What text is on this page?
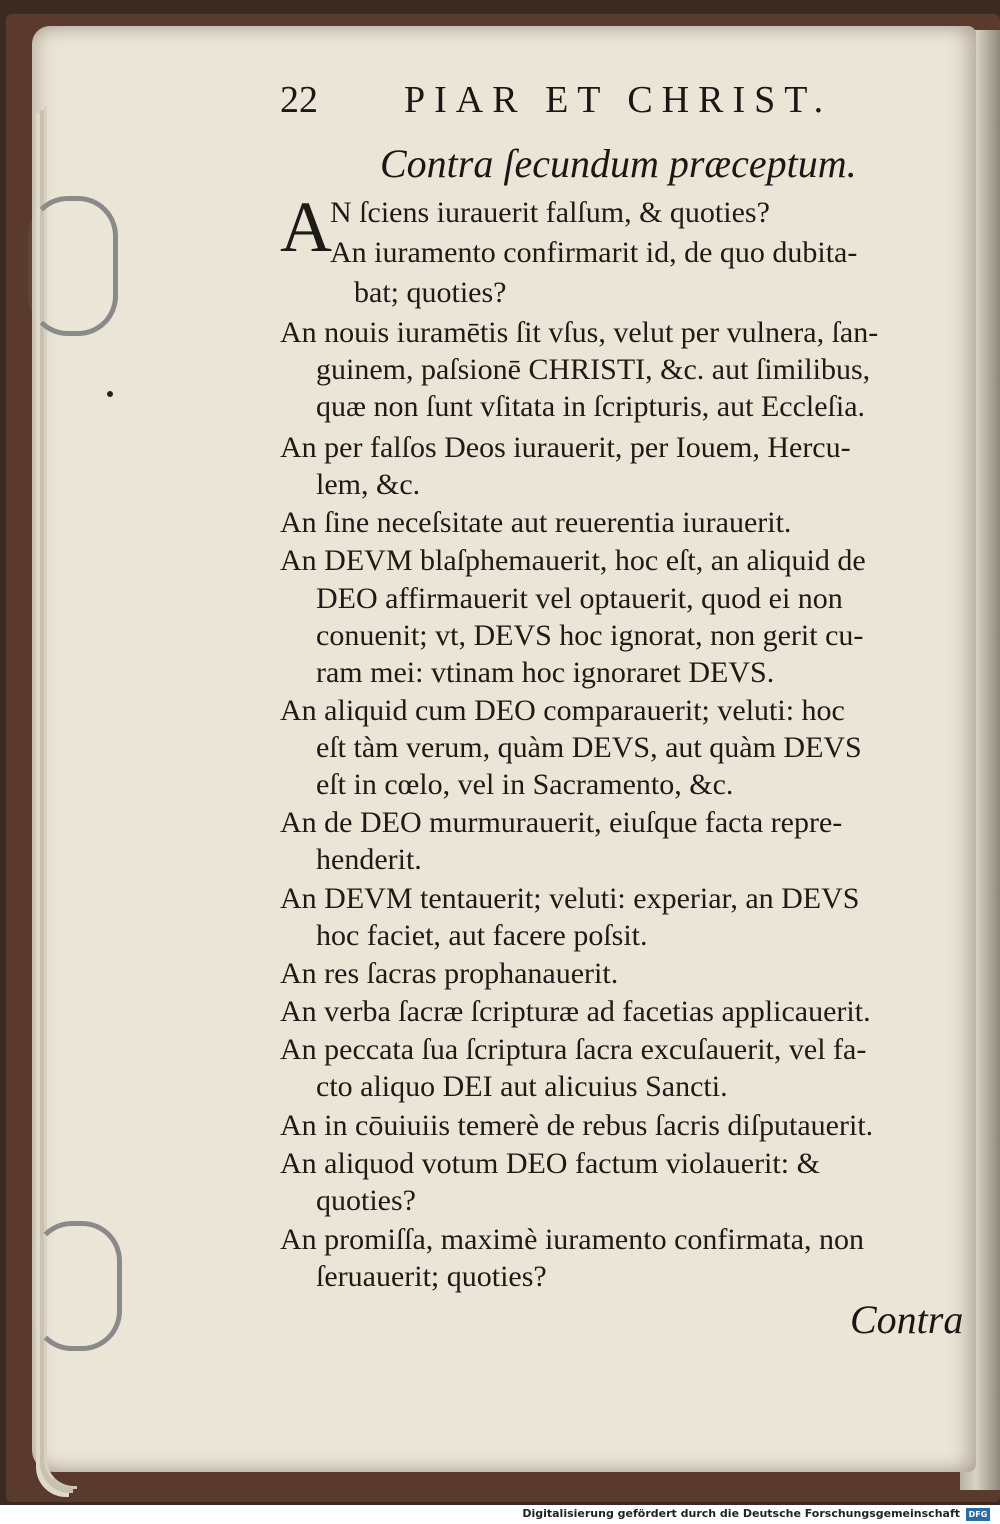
22 PIAR ET CHRIST.
Contra ſecundum præceptum.
A
N ſciens iurauerit falſum, & quoties?
An iuramento confirmarit id, de quo dubita-
bat; quoties?
An nouis iuramētis ſit vſus, velut per vulnera, ſan-
guinem, paſsionē CHRISTI, &c. aut ſimilibus,
quæ non ſunt vſitata in ſcripturis, aut Eccleſia.
An per falſos Deos iurauerit, per Iouem, Hercu-
lem, &c.
An ſine neceſsitate aut reuerentia iurauerit.
An DEVM blaſphemauerit, hoc eſt, an aliquid de
DEO affirmauerit vel optauerit, quod ei non
conuenit; vt, DEVS hoc ignorat, non gerit cu-
ram mei: vtinam hoc ignoraret DEVS.
An aliquid cum DEO comparauerit; veluti: hoc
eſt tàm verum, quàm DEVS, aut quàm DEVS
eſt in cœlo, vel in Sacramento, &c.
An de DEO murmurauerit, eiuſque facta repre-
henderit.
An DEVM tentauerit; veluti: experiar, an DEVS
hoc faciet, aut facere poſsit.
An res ſacras prophanauerit.
An verba ſacræ ſcripturæ ad facetias applicauerit.
An peccata ſua ſcriptura ſacra excuſauerit, vel fa-
cto aliquo DEI aut alicuius Sancti.
An in cōuiuiis temerè de rebus ſacris diſputauerit.
An aliquod votum DEO factum violauerit: &
quoties?
An promiſſa, maximè iuramento confirmata, non
ſeruauerit; quoties?
Contra
Digitalisierung gefördert durch die Deutsche Forschungsgemeinschaft	DFG
